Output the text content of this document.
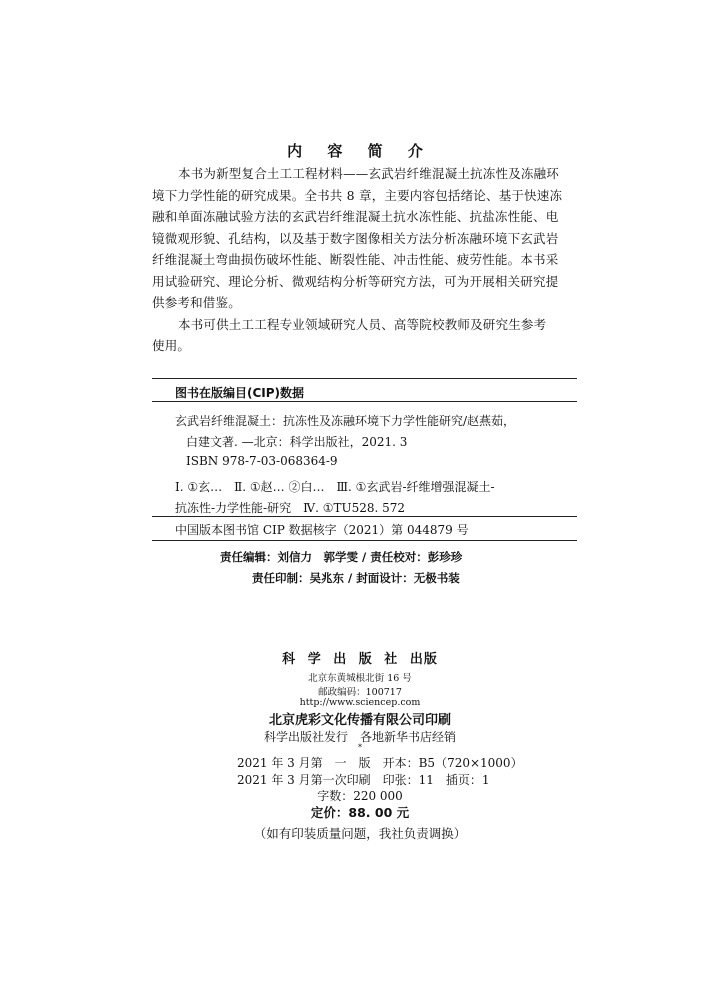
内 容 简 介

本书为新型复合土工工程材料——玄武岩纤维混凝土抗冻性及冻融环
境下力学性能的研究成果。全书共 8 章，主要内容包括绪论、基于快速冻
融和单面冻融试验方法的玄武岩纤维混凝土抗水冻性能、抗盐冻性能、电
镜微观形貌、孔结构，以及基于数字图像相关方法分析冻融环境下玄武岩
纤维混凝土弯曲损伤破坏性能、断裂性能、冲击性能、疲劳性能。本书采
用试验研究、理论分析、微观结构分析等研究方法，可为开展相关研究提
供参考和借鉴。

本书可供土工工程专业领域研究人员、高等院校教师及研究生参考
使用。

图书在版编目(CIP)数据
玄武岩纤维混凝土：抗冻性及冻融环境下力学性能研究/赵燕茹，
白建文著. —北京：科学出版社，2021. 3
ISBN 978-7-03-068364-9
Ⅰ. ①玄…　Ⅱ. ①赵… ②白…　Ⅲ. ①玄武岩-纤维增强混凝土-
抗冻性-力学性能-研究　Ⅳ. ①TU528. 572
中国版本图书馆 CIP 数据核字（2021）第 044879 号
责任编辑：刘信力　郭学雯 / 责任校对：彭珍珍
责任印制：吴兆东 / 封面设计：无极书装
科 学 出 版 社 出版
北京东黄城根北街 16 号
邮政编码：100717
http://www.sciencep.com
北京虎彩文化传播有限公司印刷
科学出版社发行　各地新华书店经销
*
2021 年 3 月第　一　版　开本：B5（720×1000）
2021 年 3 月第一次印刷　印张：11　插页：1
字数：220 000
定价：88. 00 元
（如有印装质量问题，我社负责调换）
